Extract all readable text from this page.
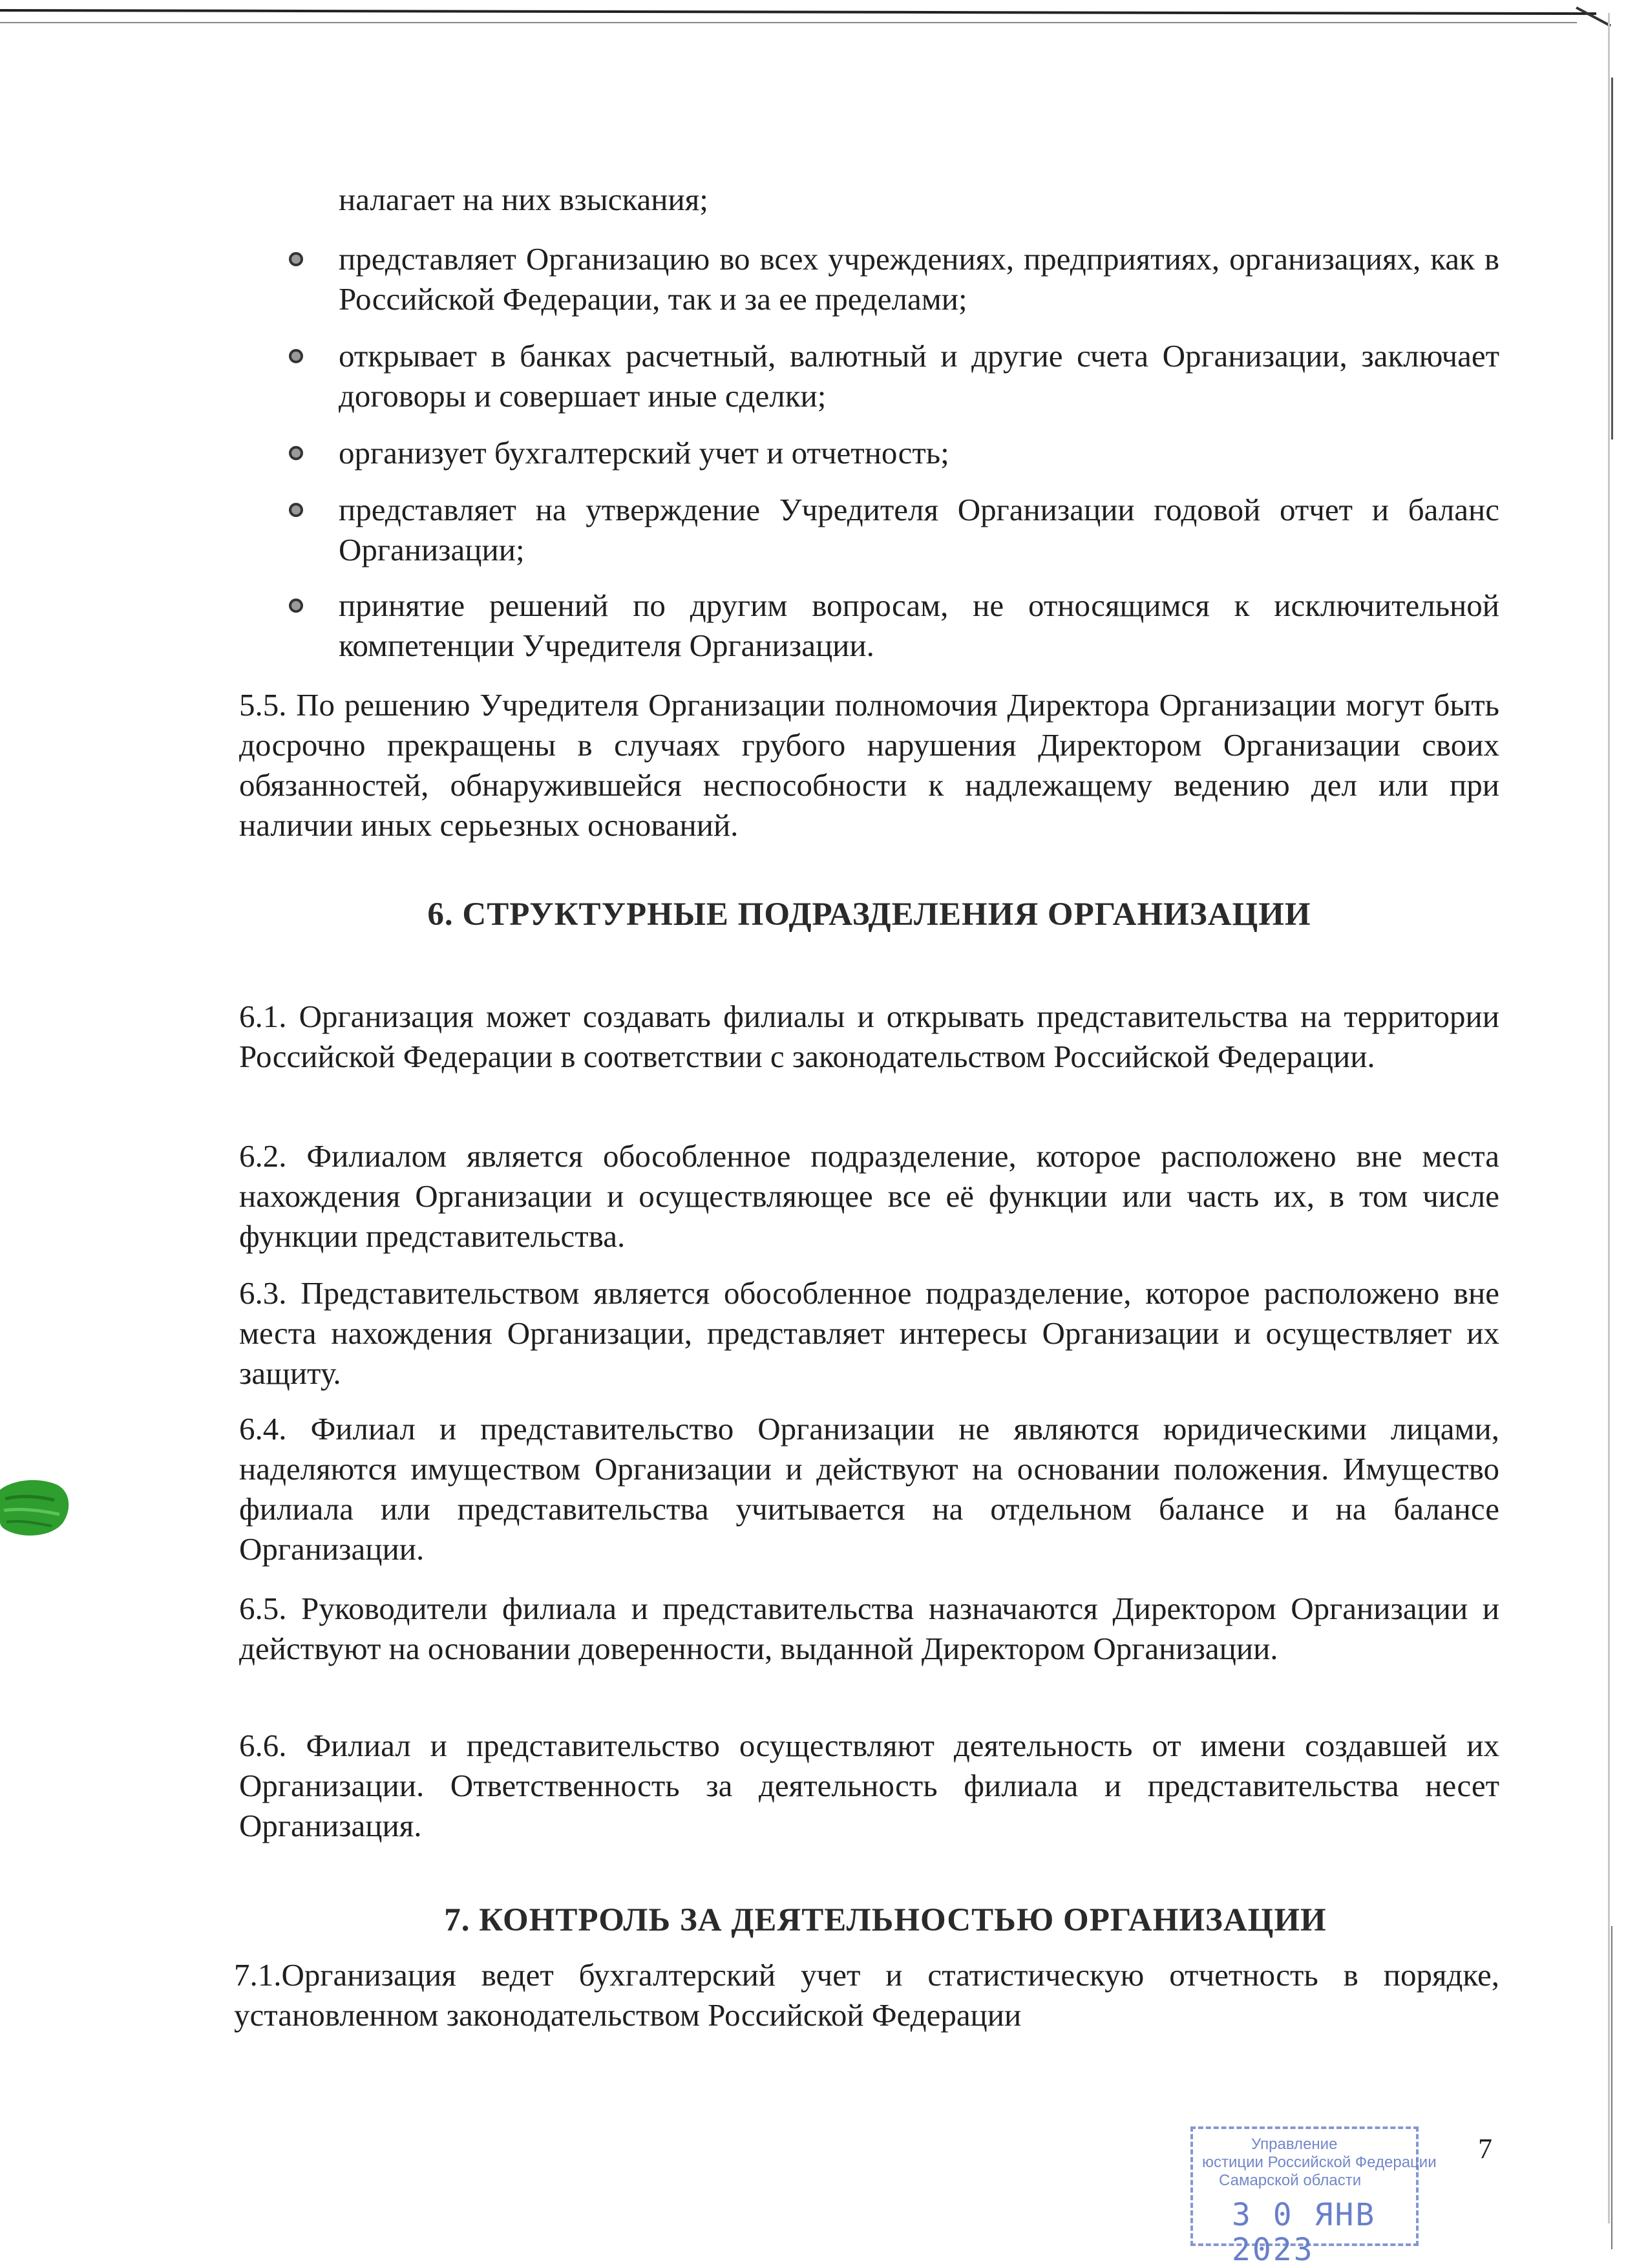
налагает на них взыскания;
представляет Организацию во всех учреждениях, предприятиях, организациях, как в Российской Федерации, так и за ее пределами;
открывает в банках расчетный, валютный и другие счета Организации, заключает договоры и совершает иные сделки;
организует бухгалтерский учет и отчетность;
представляет на утверждение Учредителя Организации годовой отчет и баланс Организации;
принятие решений по другим вопросам, не относящимся к исключительной компетенции Учредителя Организации.
5.5. По решению Учредителя Организации полномочия Директора Организации могут быть досрочно прекращены в случаях грубого нарушения Директором Организации своих обязанностей, обнаружившейся неспособности к надлежащему ведению дел или при наличии иных серьезных оснований.
6. СТРУКТУРНЫЕ ПОДРАЗДЕЛЕНИЯ ОРГАНИЗАЦИИ
6.1. Организация может создавать филиалы и открывать представительства на территории Российской Федерации в соответствии с законодательством Российской Федерации.
6.2. Филиалом является обособленное подразделение, которое расположено вне места нахождения Организации и осуществляющее все её функции или часть их, в том числе функции представительства.
6.3. Представительством является обособленное подразделение, которое расположено вне места нахождения Организации, представляет интересы Организации и осуществляет их защиту.
6.4. Филиал и представительство Организации не являются юридическими лицами, наделяются имуществом Организации и действуют на основании положения. Имущество филиала или представительства учитывается на отдельном балансе и на балансе Организации.
6.5. Руководители филиала и представительства назначаются Директором Организации и действуют на основании доверенности, выданной Директором Организации.
6.6. Филиал и представительство осуществляют деятельность от имени создавшей их Организации. Ответственность за деятельность филиала и представительства несет Организация.
7. КОНТРОЛЬ ЗА ДЕЯТЕЛЬНОСТЬЮ ОРГАНИЗАЦИИ
7.1.Организация ведет бухгалтерский учет и статистическую отчетность в порядке, установленном законодательством Российской Федерации
7
Управление
юстиции Российской Федерации
Самарской области
3 0 ЯНВ 2023
